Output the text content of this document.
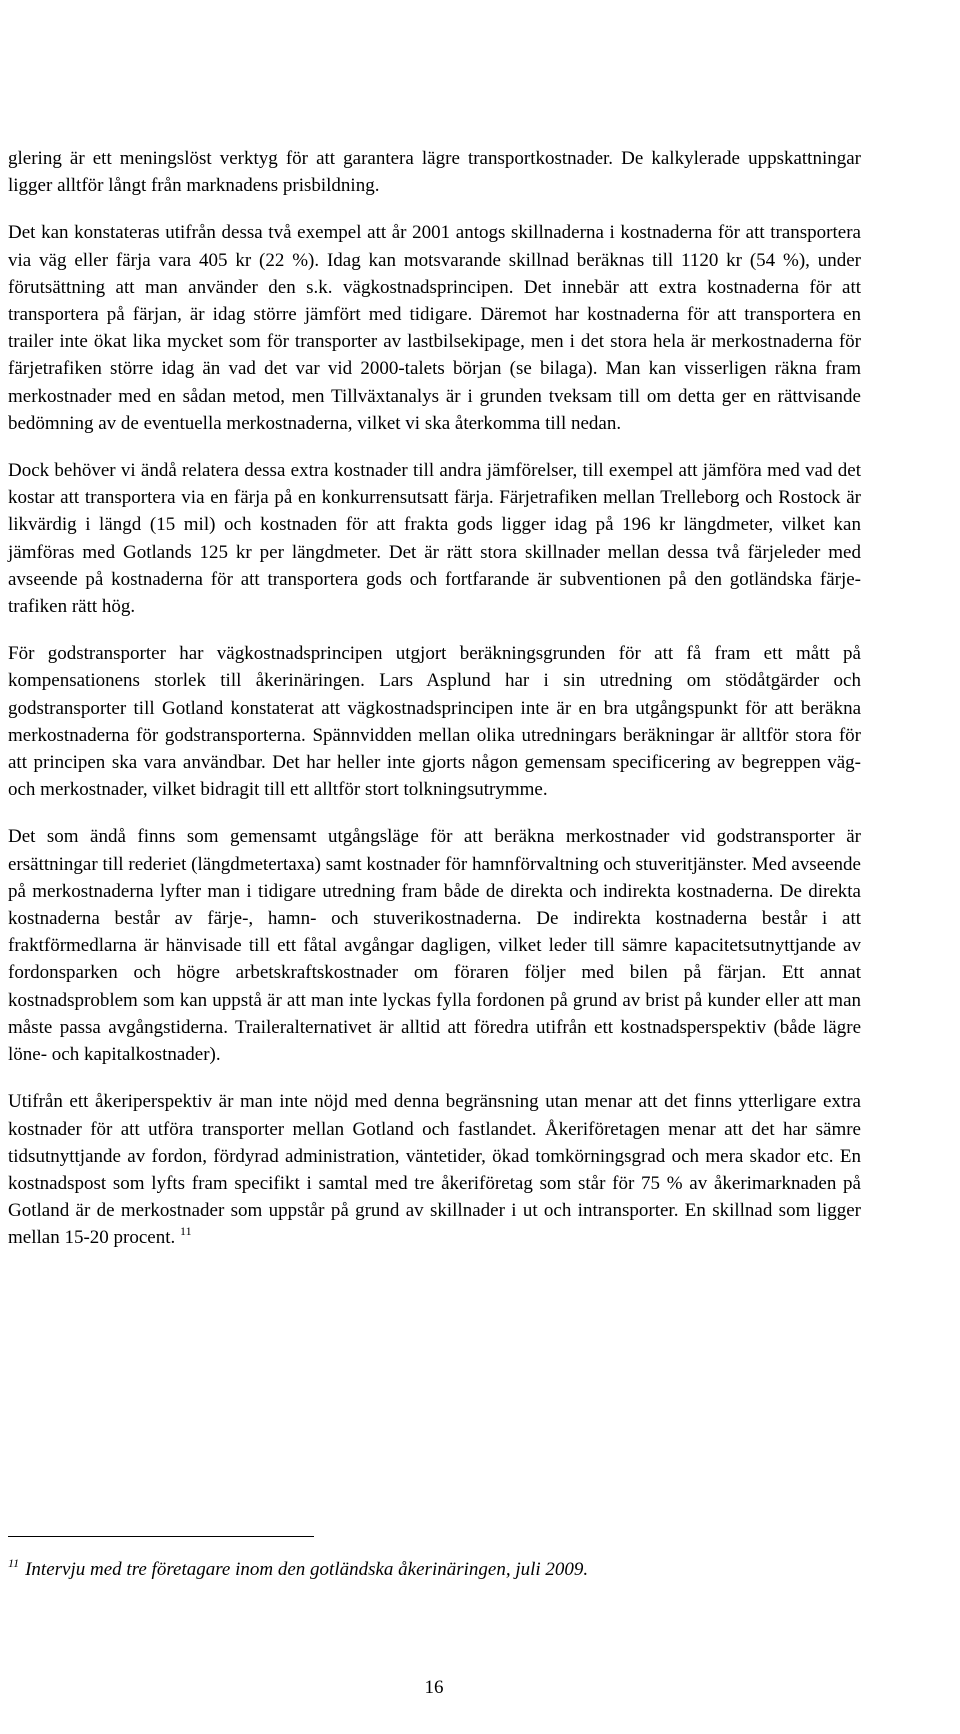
glering är ett meningslöst verktyg för att garantera lägre transportkostnader. De kalkylerade uppskattningar ligger alltför långt från marknadens prisbildning.

Det kan konstateras utifrån dessa två exempel att år 2001 antogs skillnaderna i kostnaderna för att transportera via väg eller färja vara 405 kr (22 %). Idag kan motsvarande skillnad beräknas till 1120 kr (54 %), under förutsättning att man använder den s.k. vägkostnadsprincipen. Det innebär att extra kostnaderna för att transportera på färjan, är idag större jämfört med tidigare. Däremot har kostnaderna för att transportera en trailer inte ökat lika mycket som för transporter av lastbilsekipage, men i det stora hela är merkostnaderna för färjetrafiken större idag än vad det var vid 2000-talets början (se bilaga). Man kan visserligen räkna fram merkostnader med en sådan metod, men Tillväxtanalys är i grunden tveksam till om detta ger en rättvisande bedömning av de eventuella merkostnaderna, vilket vi ska återkomma till nedan.

Dock behöver vi ändå relatera dessa extra kostnader till andra jämförelser, till exempel att jämföra med vad det kostar att transportera via en färja på en konkurrensutsatt färja. Färjetrafiken mellan Trelleborg och Rostock är likvärdig i längd (15 mil) och kostnaden för att frakta gods ligger idag på 196 kr längdmeter, vilket kan jämföras med Gotlands 125 kr per längdmeter. Det är rätt stora skillnader mellan dessa två färjeleder med avseende på kostnaderna för att transportera gods och fortfarande är subventionen på den gotländska färjetrafiken rätt hög.

För godstransporter har vägkostnadsprincipen utgjort beräkningsgrunden för att få fram ett mått på kompensationens storlek till åkerinäringen. Lars Asplund har i sin utredning om stödåtgärder och godstransporter till Gotland konstaterat att vägkostnadsprincipen inte är en bra utgångspunkt för att beräkna merkostnaderna för godstransporterna. Spännvidden mellan olika utredningars beräkningar är alltför stora för att principen ska vara användbar. Det har heller inte gjorts någon gemensam specificering av begreppen väg- och merkostnader, vilket bidragit till ett alltför stort tolkningsutrymme.

Det som ändå finns som gemensamt utgångsläge för att beräkna merkostnader vid godstransporter är ersättningar till rederiet (längdmetertaxa) samt kostnader för hamnförvaltning och stuveritjänster. Med avseende på merkostnaderna lyfter man i tidigare utredning fram både de direkta och indirekta kostnaderna. De direkta kostnaderna består av färje-, hamn- och stuverikostnaderna. De indirekta kostnaderna består i att fraktförmedlarna är hänvisade till ett fåtal avgångar dagligen, vilket leder till sämre kapacitetsutnyttjande av fordonsparken och högre arbetskraftskostnader om föraren följer med bilen på färjan. Ett annat kostnadsproblem som kan uppstå är att man inte lyckas fylla fordonen på grund av brist på kunder eller att man måste passa avgångstiderna. Traileralternativet är alltid att föredra utifrån ett kostnadsperspektiv (både lägre löne- och kapitalkostnader).

Utifrån ett åkeriperspektiv är man inte nöjd med denna begränsning utan menar att det finns ytterligare extra kostnader för att utföra transporter mellan Gotland och fastlandet. Åkeriföretagen menar att det har sämre tidsutnyttjande av fordon, fördyrad administration, väntetider, ökad tomkörningsgrad och mera skador etc. En kostnadspost som lyfts fram specifikt i samtal med tre åkeriföretag som står för 75 % av åkerimarknaden på Gotland är de merkostnader som uppstår på grund av skillnader i ut och intransporter. En skillnad som ligger mellan 15-20 procent. $^{11}$

$^{11}$ Intervju med tre företagare inom den gotländska åkerinäringen, juli 2009.
16
